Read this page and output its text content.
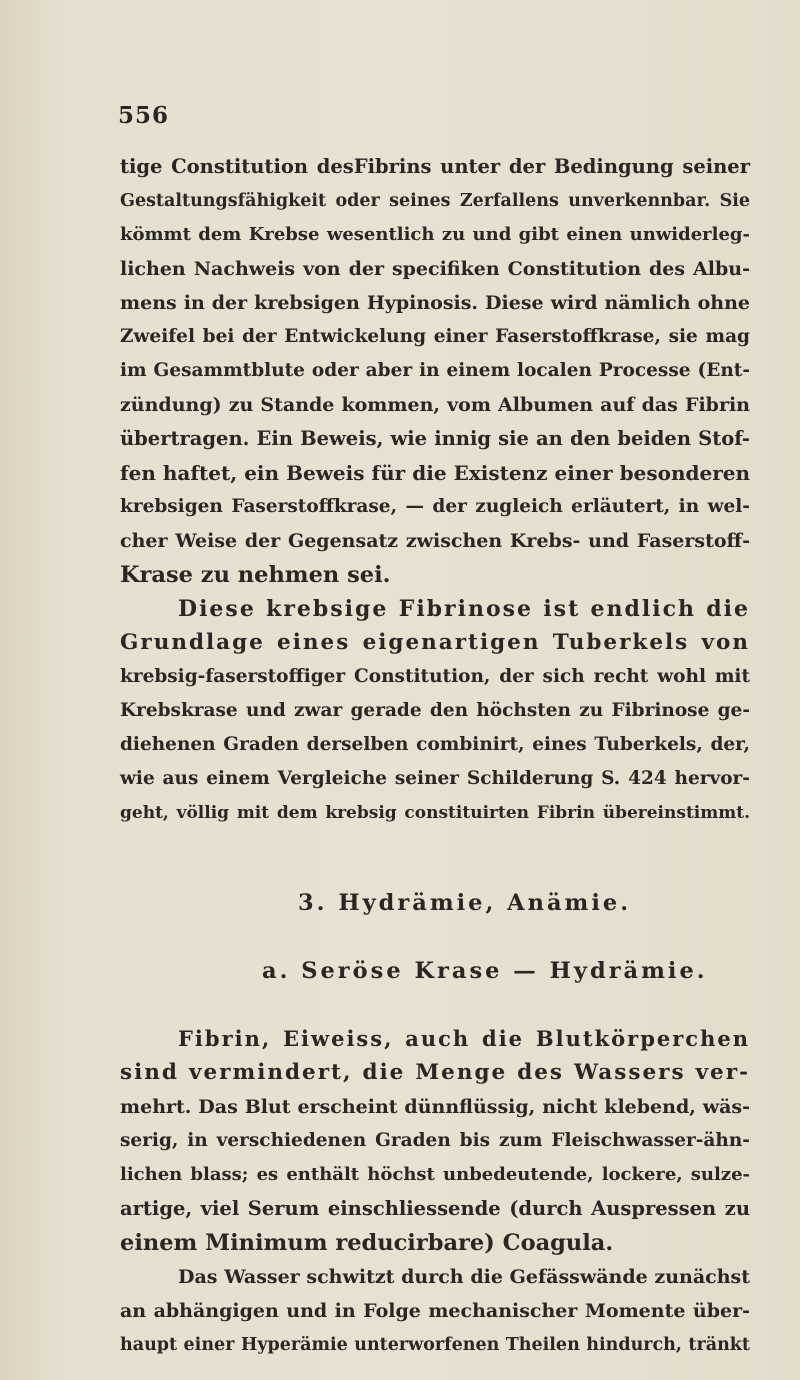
556
tige Constitution desFibrins unter der Bedingung seiner
Gestaltungsfähigkeit oder seines Zerfallens unverkennbar. Sie
kömmt dem Krebse wesentlich zu und gibt einen unwiderleg-
lichen Nachweis von der specifiken Constitution des Albu-
mens in der krebsigen Hypinosis. Diese wird nämlich ohne
Zweifel bei der Entwickelung einer Faserstoffkrase, sie mag
im Gesammtblute oder aber in einem localen Processe (Ent-
zündung) zu Stande kommen, vom Albumen auf das Fibrin
übertragen. Ein Beweis, wie innig sie an den beiden Stof-
fen haftet, ein Beweis für die Existenz einer besonderen
krebsigen Faserstoffkrase, — der zugleich erläutert, in wel-
cher Weise der Gegensatz zwischen Krebs- und Faserstoff-
Krase zu nehmen sei.
Diese krebsige Fibrinose ist endlich die
Grundlage eines eigenartigen Tuberkels von
krebsig-faserstoffiger Constitution, der sich recht wohl mit
Krebskrase und zwar gerade den höchsten zu Fibrinose ge-
diehenen Graden derselben combinirt, eines Tuberkels, der,
wie aus einem Vergleiche seiner Schilderung S. 424 hervor-
geht, völlig mit dem krebsig constituirten Fibrin übereinstimmt.
3. Hydrämie, Anämie.
a. Seröse Krase — Hydrämie.
Fibrin, Eiweiss, auch die Blutkörperchen
sind vermindert, die Menge des Wassers ver-
mehrt. Das Blut erscheint dünnflüssig, nicht klebend, wäs-
serig, in verschiedenen Graden bis zum Fleischwasser-ähn-
lichen blass; es enthält höchst unbedeutende, lockere, sulze-
artige, viel Serum einschliessende (durch Auspressen zu
einem Minimum reducirbare) Coagula.
Das Wasser schwitzt durch die Gefässwände zunächst
an abhängigen und in Folge mechanischer Momente über-
haupt einer Hyperämie unterworfenen Theilen hindurch, tränkt
